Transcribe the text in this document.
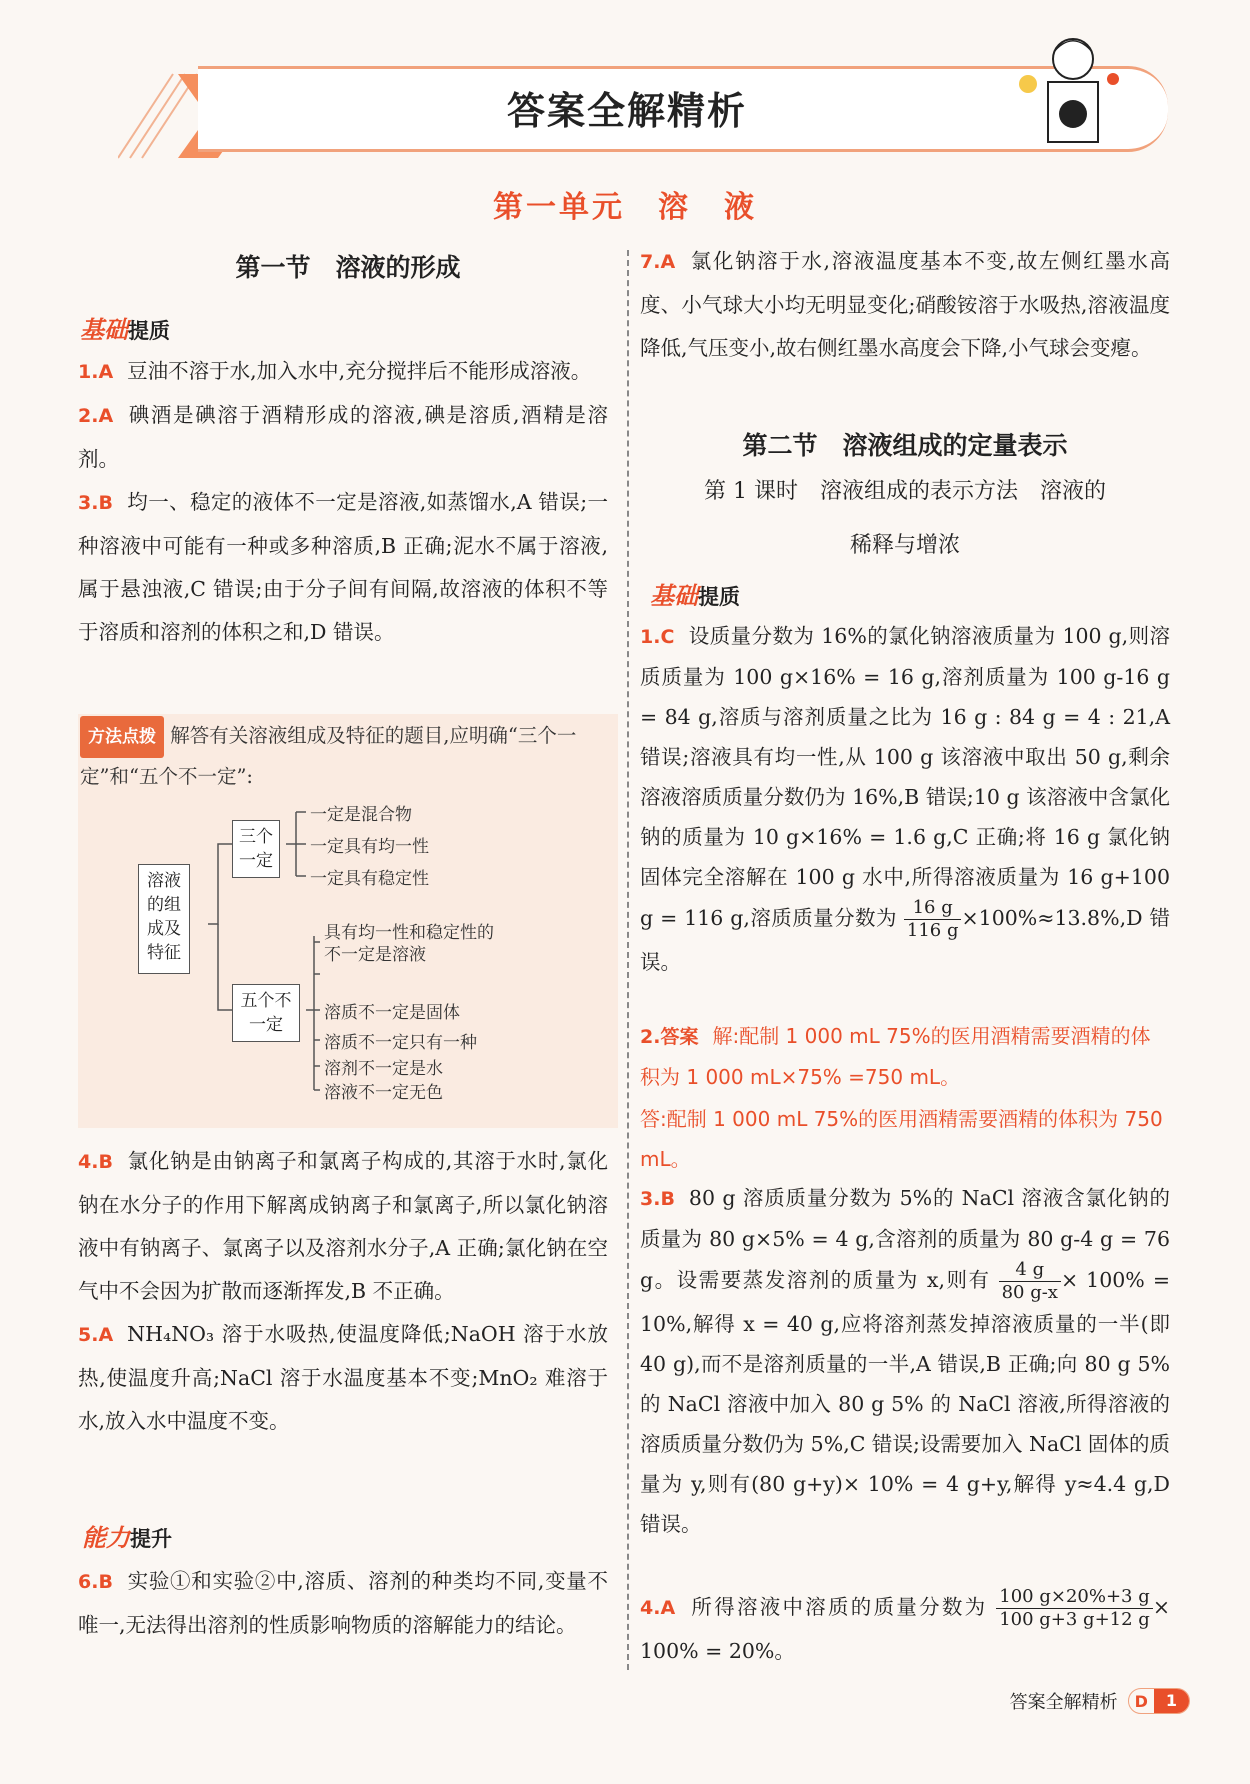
答案全解精析
第一单元　溶　液
第一节　溶液的形成
基础提质
1.A 豆油不溶于水,加入水中,充分搅拌后不能形成溶液。
2.A 碘酒是碘溶于酒精形成的溶液,碘是溶质,酒精是溶剂。
3.B 均一、稳定的液体不一定是溶液,如蒸馏水,A 错误;一种溶液中可能有一种或多种溶质,B 正确;泥水不属于溶液,属于悬浊液,C 错误;由于分子间有间隔,故溶液的体积不等于溶质和溶剂的体积之和,D 错误。
方法点拨 解答有关溶液组成及特征的题目,应明确“三个一定”和“五个不一定”:
溶液的组成及特征
三个一定
一定是混合物
一定具有均一性
一定具有稳定性
五个不一定
具有均一性和稳定性的
不一定是溶液
溶质不一定是固体
溶质不一定只有一种
溶剂不一定是水
溶液不一定无色
4.B 氯化钠是由钠离子和氯离子构成的,其溶于水时,氯化钠在水分子的作用下解离成钠离子和氯离子,所以氯化钠溶液中有钠离子、氯离子以及溶剂水分子,A 正确;氯化钠在空气中不会因为扩散而逐渐挥发,B 不正确。
5.A NH₄NO₃ 溶于水吸热,使温度降低;NaOH 溶于水放热,使温度升高;NaCl 溶于水温度基本不变;MnO₂ 难溶于水,放入水中温度不变。
能力提升
6.B 实验①和实验②中,溶质、溶剂的种类均不同,变量不唯一,无法得出溶剂的性质影响物质的溶解能力的结论。
7.A 氯化钠溶于水,溶液温度基本不变,故左侧红墨水高度、小气球大小均无明显变化;硝酸铵溶于水吸热,溶液温度降低,气压变小,故右侧红墨水高度会下降,小气球会变瘪。
第二节　溶液组成的定量表示
第 1 课时　溶液组成的表示方法　溶液的
稀释与增浓
基础提质
1.C 设质量分数为 16%的氯化钠溶液质量为 100 g,则溶质质量为 100 g×16% = 16 g,溶剂质量为 100 g-16 g = 84 g,溶质与溶剂质量之比为 16 g : 84 g = 4 : 21,A 错误;溶液具有均一性,从 100 g 该溶液中取出 50 g,剩余溶液溶质质量分数仍为 16%,B 错误;10 g 该溶液中含氯化钠的质量为 10 g×16% = 1.6 g,C 正确;将 16 g 氯化钠固体完全溶解在 100 g 水中,所得溶液质量为 16 g+100 g = 116 g,溶质质量分数为 $\frac{16 g}{116 g} \times 100\%\approx 13.8\%,D$ 错误。
2.答案 解:配制 1 000 mL 75%的医用酒精需要酒精的体积为 1 000 mL×75% =750 mL。
答:配制 1 000 mL 75%的医用酒精需要酒精的体积为 750 mL。
3.B 80 g 溶质质量分数为 5%的 NaCl 溶液含氯化钠的质量为 80 g×5% = 4 g,含溶剂的质量为 80 g-4 g = 76 g。设需要蒸发溶剂的质量为 x,则有 $\frac{4 g}{80 g-x} \times 100\% = 10\%$,解得 x = 40 g,应将溶剂蒸发掉溶液质量的一半(即 40 g),而不是溶剂质量的一半,A 错误,B 正确;向 80 g 5% 的 NaCl 溶液中加入 80 g 5% 的 NaCl 溶液,所得溶液的溶质质量分数仍为 5%,C 错误;设需要加入 NaCl 固体的质量为 y,则有(80 g+y)× 10% = 4 g+y,解得 y≈4.4 g,D 错误。
4.A 所得溶液中溶质的质量分数为 $\frac{100 g\times 20\%+3 g}{100 g+3 g+12 g} \times 100\% = 20\%$。
答案全解精析	D	1
